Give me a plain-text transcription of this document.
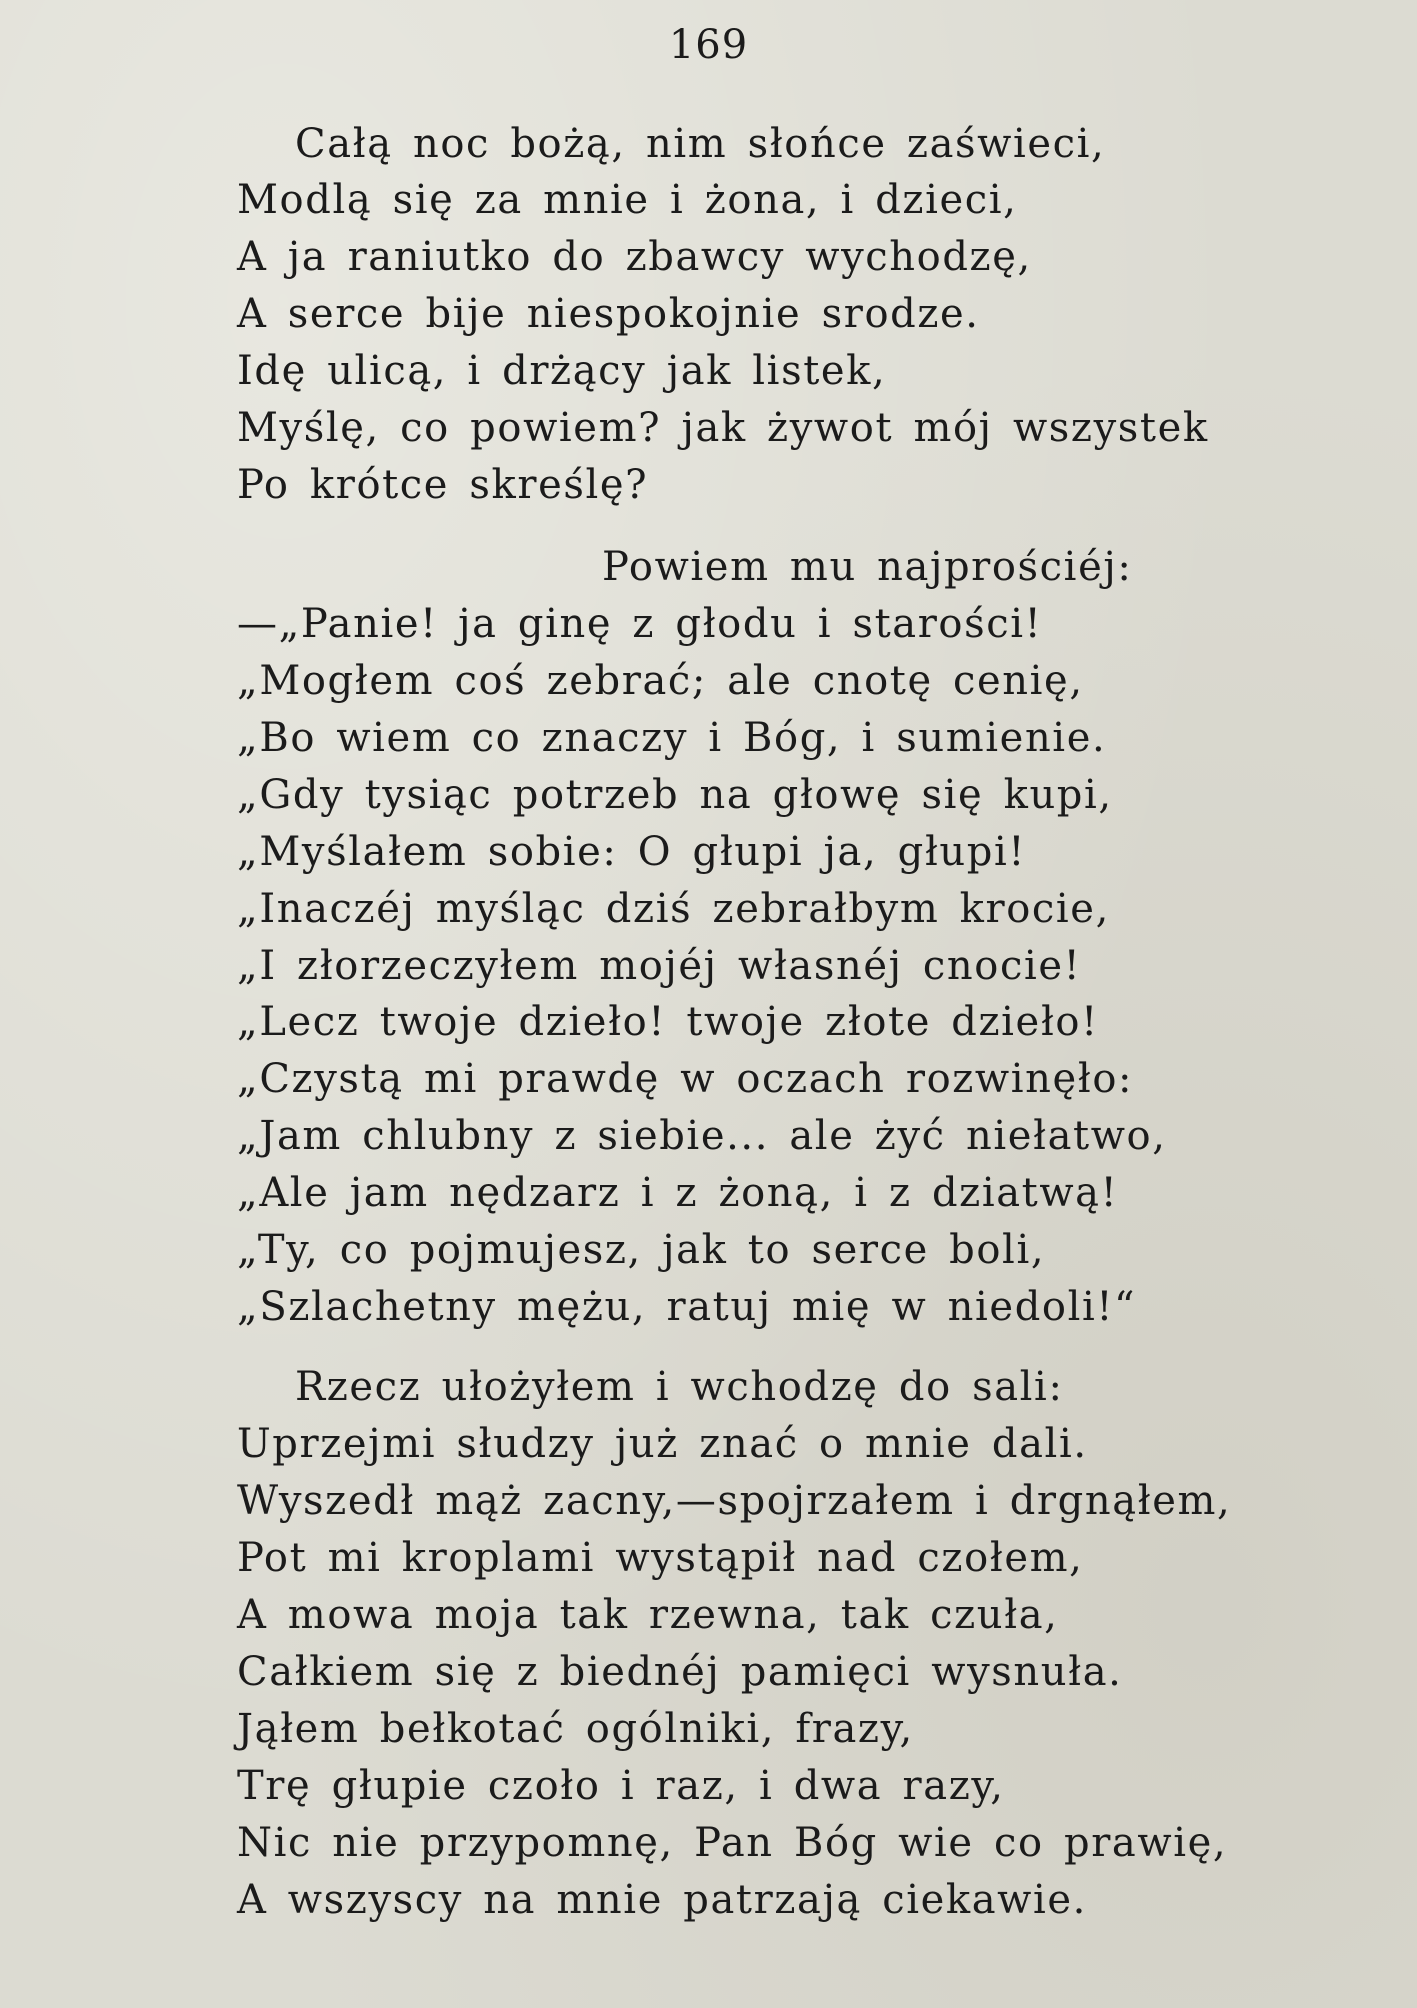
169
Całą noc bożą, nim słońce zaświeci,
Modlą się za mnie i żona, i dzieci,
A ja raniutko do zbawcy wychodzę,
A serce bije niespokojnie srodze.
Idę ulicą, i drżący jak listek,
Myślę, co powiem? jak żywot mój wszystek
Po krótce skreślę?
Powiem mu najprościéj:
—„Panie! ja ginę z głodu i starości!
„Mogłem coś zebrać; ale cnotę cenię,
„Bo wiem co znaczy i Bóg, i sumienie.
„Gdy tysiąc potrzeb na głowę się kupi,
„Myślałem sobie: O głupi ja, głupi!
„Inaczéj myśląc dziś zebrałbym krocie,
„I złorzeczyłem mojéj własnéj cnocie!
„Lecz twoje dzieło! twoje złote dzieło!
„Czystą mi prawdę w oczach rozwinęło:
„Jam chlubny z siebie... ale żyć niełatwo,
„Ale jam nędzarz i z żoną, i z dziatwą!
„Ty, co pojmujesz, jak to serce boli,
„Szlachetny mężu, ratuj mię w niedoli!“
Rzecz ułożyłem i wchodzę do sali:
Uprzejmi słudzy już znać o mnie dali.
Wyszedł mąż zacny,—spojrzałem i drgnąłem,
Pot mi kroplami wystąpił nad czołem,
A mowa moja tak rzewna, tak czuła,
Całkiem się z biednéj pamięci wysnuła.
Jąłem bełkotać ogólniki, frazy,
Trę głupie czoło i raz, i dwa razy,
Nic nie przypomnę, Pan Bóg wie co prawię,
A wszyscy na mnie patrzają ciekawie.
